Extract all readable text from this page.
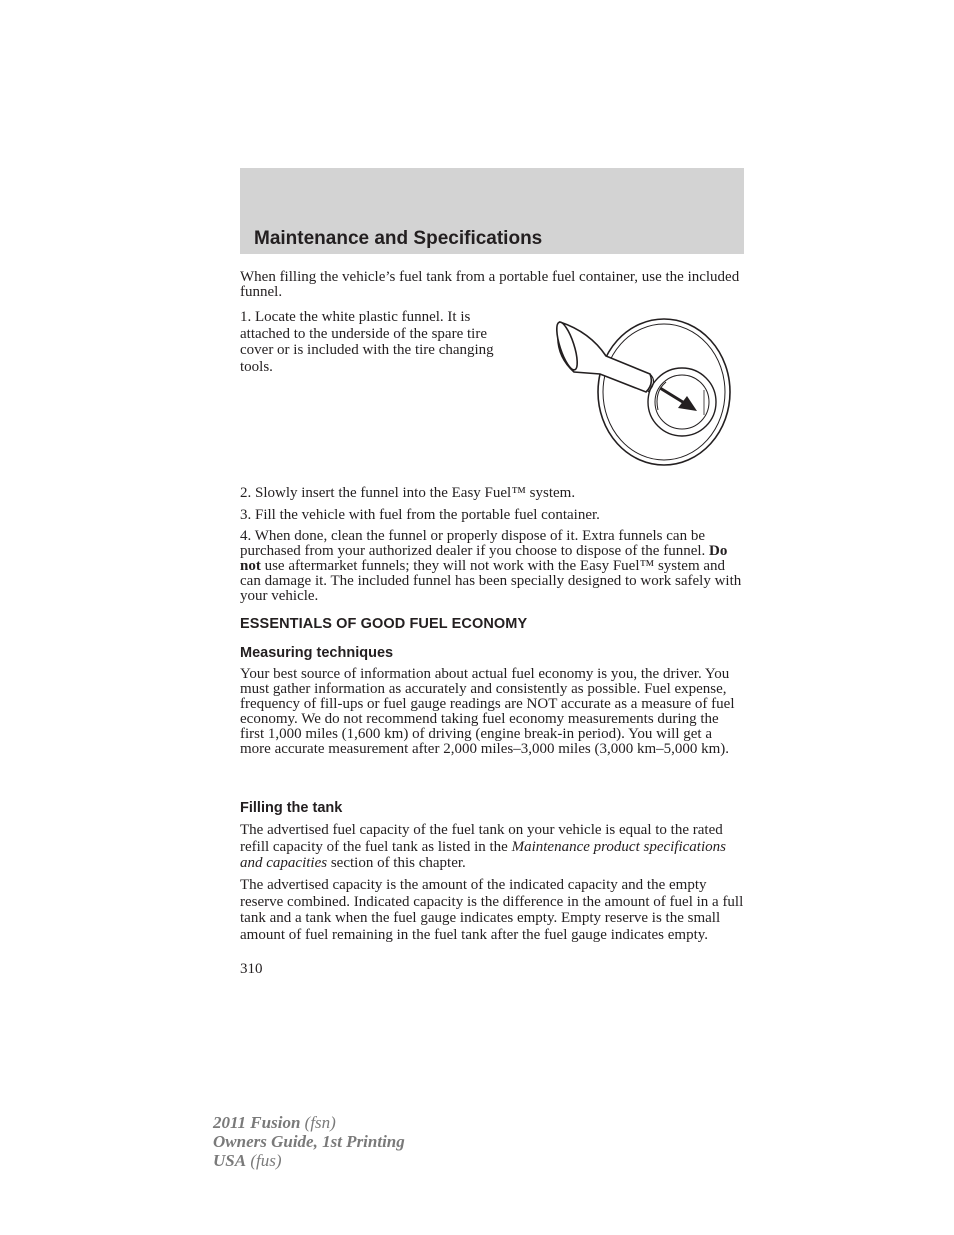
Maintenance and Specifications

When filling the vehicle’s fuel tank from a portable fuel container, use the included funnel.

1. Locate the white plastic funnel. It is attached to the underside of the spare tire cover or is included with the tire changing tools.

2. Slowly insert the funnel into the Easy Fuel™ system.

3. Fill the vehicle with fuel from the portable fuel container.

4. When done, clean the funnel or properly dispose of it. Extra funnels can be purchased from your authorized dealer if you choose to dispose of the funnel. Do not use aftermarket funnels; they will not work with the Easy Fuel™ system and can damage it. The included funnel has been specially designed to work safely with your vehicle.

ESSENTIALS OF GOOD FUEL ECONOMY
Measuring techniques

Your best source of information about actual fuel economy is you, the driver. You must gather information as accurately and consistently as possible. Fuel expense, frequency of fill-ups or fuel gauge readings are NOT accurate as a measure of fuel economy. We do not recommend taking fuel economy measurements during the first 1,000 miles (1,600 km) of driving (engine break-in period). You will get a more accurate measurement after 2,000 miles–3,000 miles (3,000 km–5,000 km).

Filling the tank

The advertised fuel capacity of the fuel tank on your vehicle is equal to the rated refill capacity of the fuel tank as listed in the Maintenance product specifications and capacities section of this chapter.

The advertised capacity is the amount of the indicated capacity and the empty reserve combined. Indicated capacity is the difference in the amount of fuel in a full tank and a tank when the fuel gauge indicates empty. Empty reserve is the small amount of fuel remaining in the fuel tank after the fuel gauge indicates empty.

310

2011 Fusion (fsn)
Owners Guide, 1st Printing
USA (fus)
